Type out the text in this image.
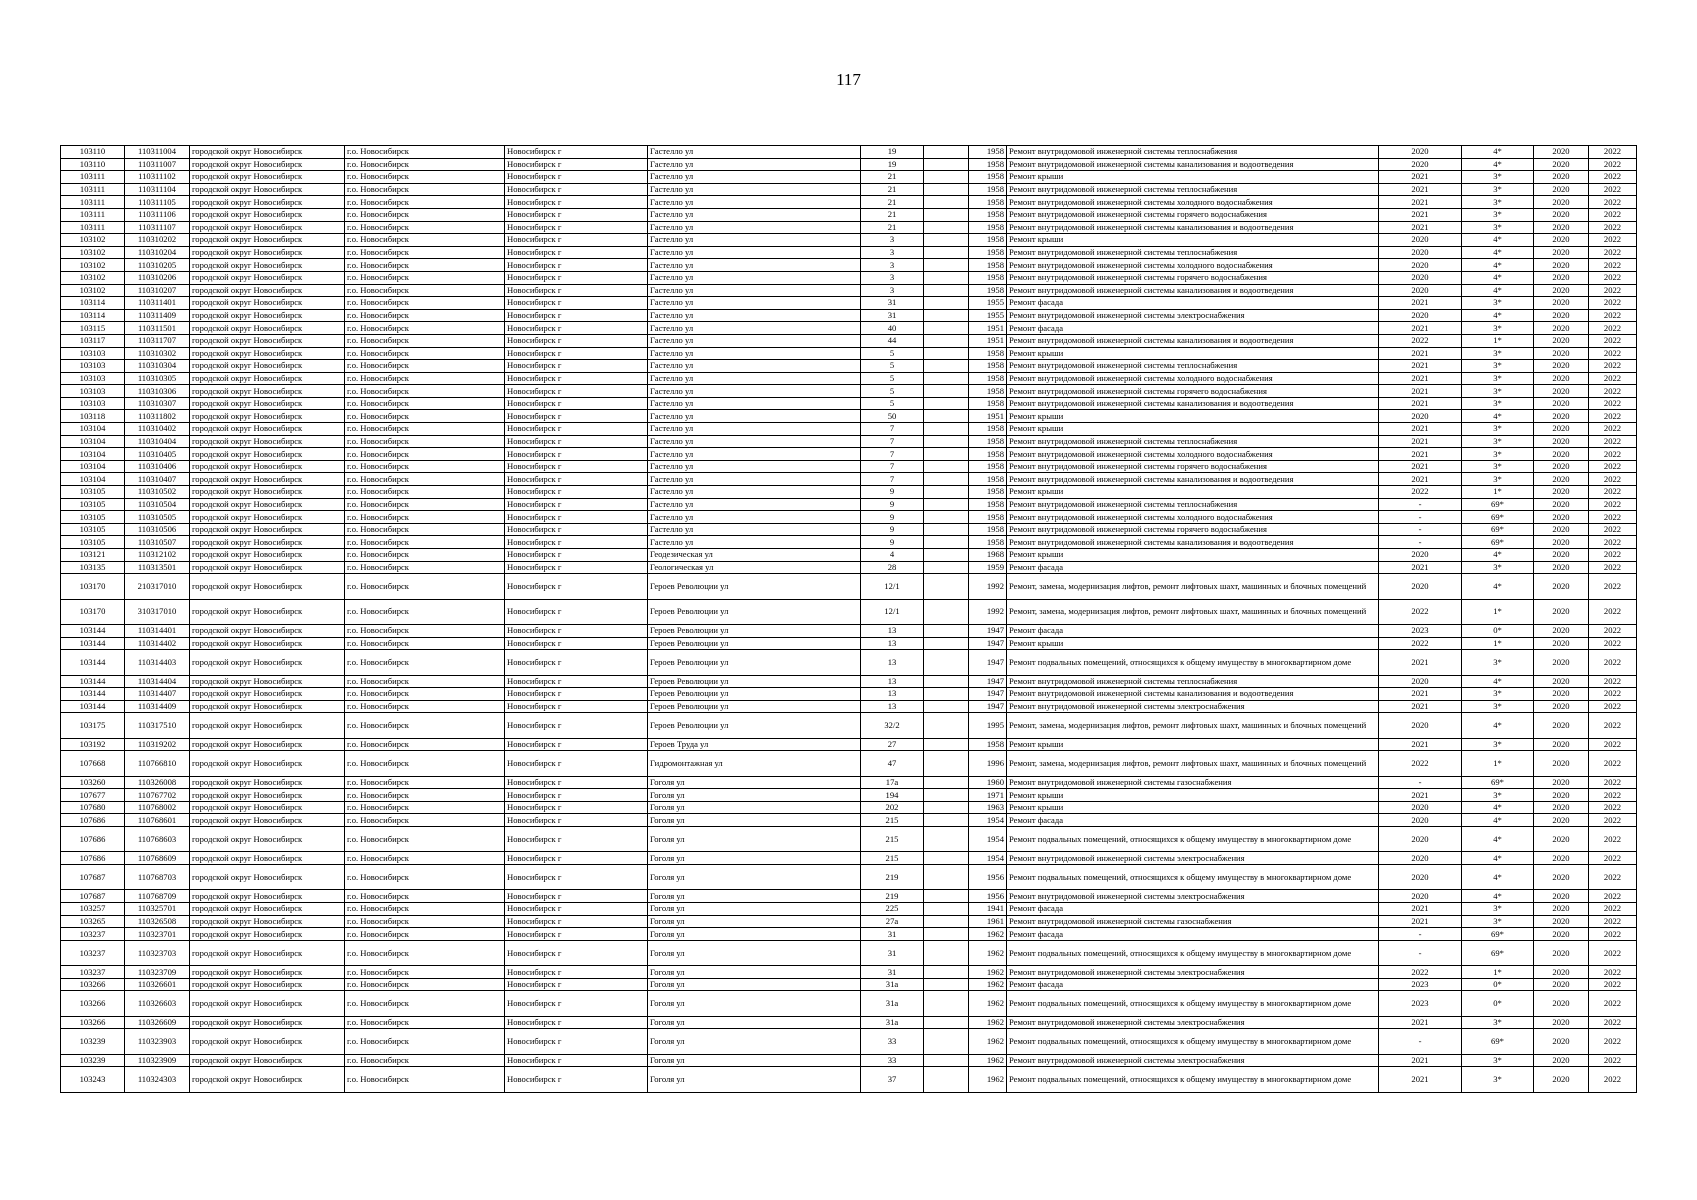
117
103110	110311004	городской округ Новосибирск	г.о. Новосибирск	Новосибирск г	Гастелло ул	19		1958	Ремонт внутридомовой инженерной системы теплоснабжения	2020	4*	2020	2022
103110	110311007	городской округ Новосибирск	г.о. Новосибирск	Новосибирск г	Гастелло ул	19		1958	Ремонт внутридомовой инженерной системы канализования и водоотведения	2020	4*	2020	2022
103111	110311102	городской округ Новосибирск	г.о. Новосибирск	Новосибирск г	Гастелло ул	21		1958	Ремонт крыши	2021	3*	2020	2022
103111	110311104	городской округ Новосибирск	г.о. Новосибирск	Новосибирск г	Гастелло ул	21		1958	Ремонт внутридомовой инженерной системы теплоснабжения	2021	3*	2020	2022
103111	110311105	городской округ Новосибирск	г.о. Новосибирск	Новосибирск г	Гастелло ул	21		1958	Ремонт внутридомовой инженерной системы холодного водоснабжения	2021	3*	2020	2022
103111	110311106	городской округ Новосибирск	г.о. Новосибирск	Новосибирск г	Гастелло ул	21		1958	Ремонт внутридомовой инженерной системы горячего водоснабжения	2021	3*	2020	2022
103111	110311107	городской округ Новосибирск	г.о. Новосибирск	Новосибирск г	Гастелло ул	21		1958	Ремонт внутридомовой инженерной системы канализования и водоотведения	2021	3*	2020	2022
103102	110310202	городской округ Новосибирск	г.о. Новосибирск	Новосибирск г	Гастелло ул	3		1958	Ремонт крыши	2020	4*	2020	2022
103102	110310204	городской округ Новосибирск	г.о. Новосибирск	Новосибирск г	Гастелло ул	3		1958	Ремонт внутридомовой инженерной системы теплоснабжения	2020	4*	2020	2022
103102	110310205	городской округ Новосибирск	г.о. Новосибирск	Новосибирск г	Гастелло ул	3		1958	Ремонт внутридомовой инженерной системы холодного водоснабжения	2020	4*	2020	2022
103102	110310206	городской округ Новосибирск	г.о. Новосибирск	Новосибирск г	Гастелло ул	3		1958	Ремонт внутридомовой инженерной системы горячего водоснабжения	2020	4*	2020	2022
103102	110310207	городской округ Новосибирск	г.о. Новосибирск	Новосибирск г	Гастелло ул	3		1958	Ремонт внутридомовой инженерной системы канализования и водоотведения	2020	4*	2020	2022
103114	110311401	городской округ Новосибирск	г.о. Новосибирск	Новосибирск г	Гастелло ул	31		1955	Ремонт фасада	2021	3*	2020	2022
103114	110311409	городской округ Новосибирск	г.о. Новосибирск	Новосибирск г	Гастелло ул	31		1955	Ремонт внутридомовой инженерной системы электроснабжения	2020	4*	2020	2022
103115	110311501	городской округ Новосибирск	г.о. Новосибирск	Новосибирск г	Гастелло ул	40		1951	Ремонт фасада	2021	3*	2020	2022
103117	110311707	городской округ Новосибирск	г.о. Новосибирск	Новосибирск г	Гастелло ул	44		1951	Ремонт внутридомовой инженерной системы канализования и водоотведения	2022	1*	2020	2022
103103	110310302	городской округ Новосибирск	г.о. Новосибирск	Новосибирск г	Гастелло ул	5		1958	Ремонт крыши	2021	3*	2020	2022
103103	110310304	городской округ Новосибирск	г.о. Новосибирск	Новосибирск г	Гастелло ул	5		1958	Ремонт внутридомовой инженерной системы теплоснабжения	2021	3*	2020	2022
103103	110310305	городской округ Новосибирск	г.о. Новосибирск	Новосибирск г	Гастелло ул	5		1958	Ремонт внутридомовой инженерной системы холодного водоснабжения	2021	3*	2020	2022
103103	110310306	городской округ Новосибирск	г.о. Новосибирск	Новосибирск г	Гастелло ул	5		1958	Ремонт внутридомовой инженерной системы горячего водоснабжения	2021	3*	2020	2022
103103	110310307	городской округ Новосибирск	г.о. Новосибирск	Новосибирск г	Гастелло ул	5		1958	Ремонт внутридомовой инженерной системы канализования и водоотведения	2021	3*	2020	2022
103118	110311802	городской округ Новосибирск	г.о. Новосибирск	Новосибирск г	Гастелло ул	50		1951	Ремонт крыши	2020	4*	2020	2022
103104	110310402	городской округ Новосибирск	г.о. Новосибирск	Новосибирск г	Гастелло ул	7		1958	Ремонт крыши	2021	3*	2020	2022
103104	110310404	городской округ Новосибирск	г.о. Новосибирск	Новосибирск г	Гастелло ул	7		1958	Ремонт внутридомовой инженерной системы теплоснабжения	2021	3*	2020	2022
103104	110310405	городской округ Новосибирск	г.о. Новосибирск	Новосибирск г	Гастелло ул	7		1958	Ремонт внутридомовой инженерной системы холодного водоснабжения	2021	3*	2020	2022
103104	110310406	городской округ Новосибирск	г.о. Новосибирск	Новосибирск г	Гастелло ул	7		1958	Ремонт внутридомовой инженерной системы горячего водоснабжения	2021	3*	2020	2022
103104	110310407	городской округ Новосибирск	г.о. Новосибирск	Новосибирск г	Гастелло ул	7		1958	Ремонт внутридомовой инженерной системы канализования и водоотведения	2021	3*	2020	2022
103105	110310502	городской округ Новосибирск	г.о. Новосибирск	Новосибирск г	Гастелло ул	9		1958	Ремонт крыши	2022	1*	2020	2022
103105	110310504	городской округ Новосибирск	г.о. Новосибирск	Новосибирск г	Гастелло ул	9		1958	Ремонт внутридомовой инженерной системы теплоснабжения	-	69*	2020	2022
103105	110310505	городской округ Новосибирск	г.о. Новосибирск	Новосибирск г	Гастелло ул	9		1958	Ремонт внутридомовой инженерной системы холодного водоснабжения	-	69*	2020	2022
103105	110310506	городской округ Новосибирск	г.о. Новосибирск	Новосибирск г	Гастелло ул	9		1958	Ремонт внутридомовой инженерной системы горячего водоснабжения	-	69*	2020	2022
103105	110310507	городской округ Новосибирск	г.о. Новосибирск	Новосибирск г	Гастелло ул	9		1958	Ремонт внутридомовой инженерной системы канализования и водоотведения	-	69*	2020	2022
103121	110312102	городской округ Новосибирск	г.о. Новосибирск	Новосибирск г	Геодезическая ул	4		1968	Ремонт крыши	2020	4*	2020	2022
103135	110313501	городской округ Новосибирск	г.о. Новосибирск	Новосибирск г	Геологическая ул	28		1959	Ремонт фасада	2021	3*	2020	2022
103170	210317010	городской округ Новосибирск	г.о. Новосибирск	Новосибирск г	Героев Революции ул	12/1		1992	Ремонт, замена, модернизация лифтов, ремонт лифтовых шахт, машинных и блочных помещений	2020	4*	2020	2022
103170	310317010	городской округ Новосибирск	г.о. Новосибирск	Новосибирск г	Героев Революции ул	12/1		1992	Ремонт, замена, модернизация лифтов, ремонт лифтовых шахт, машинных и блочных помещений	2022	1*	2020	2022
103144	110314401	городской округ Новосибирск	г.о. Новосибирск	Новосибирск г	Героев Революции ул	13		1947	Ремонт фасада	2023	0*	2020	2022
103144	110314402	городской округ Новосибирск	г.о. Новосибирск	Новосибирск г	Героев Революции ул	13		1947	Ремонт крыши	2022	1*	2020	2022
103144	110314403	городской округ Новосибирск	г.о. Новосибирск	Новосибирск г	Героев Революции ул	13		1947	Ремонт подвальных помещений, относящихся к общему имуществу в многоквартирном доме	2021	3*	2020	2022
103144	110314404	городской округ Новосибирск	г.о. Новосибирск	Новосибирск г	Героев Революции ул	13		1947	Ремонт внутридомовой инженерной системы теплоснабжения	2020	4*	2020	2022
103144	110314407	городской округ Новосибирск	г.о. Новосибирск	Новосибирск г	Героев Революции ул	13		1947	Ремонт внутридомовой инженерной системы канализования и водоотведения	2021	3*	2020	2022
103144	110314409	городской округ Новосибирск	г.о. Новосибирск	Новосибирск г	Героев Революции ул	13		1947	Ремонт внутридомовой инженерной системы электроснабжения	2021	3*	2020	2022
103175	110317510	городской округ Новосибирск	г.о. Новосибирск	Новосибирск г	Героев Революции ул	32/2		1995	Ремонт, замена, модернизация лифтов, ремонт лифтовых шахт, машинных и блочных помещений	2020	4*	2020	2022
103192	110319202	городской округ Новосибирск	г.о. Новосибирск	Новосибирск г	Героев Труда ул	27		1958	Ремонт крыши	2021	3*	2020	2022
107668	110766810	городской округ Новосибирск	г.о. Новосибирск	Новосибирск г	Гидромонтажная ул	47		1996	Ремонт, замена, модернизация лифтов, ремонт лифтовых шахт, машинных и блочных помещений	2022	1*	2020	2022
103260	110326008	городской округ Новосибирск	г.о. Новосибирск	Новосибирск г	Гоголя ул	17а		1960	Ремонт внутридомовой инженерной системы газоснабжения	-	69*	2020	2022
107677	110767702	городской округ Новосибирск	г.о. Новосибирск	Новосибирск г	Гоголя ул	194		1971	Ремонт крыши	2021	3*	2020	2022
107680	110768002	городской округ Новосибирск	г.о. Новосибирск	Новосибирск г	Гоголя ул	202		1963	Ремонт крыши	2020	4*	2020	2022
107686	110768601	городской округ Новосибирск	г.о. Новосибирск	Новосибирск г	Гоголя ул	215		1954	Ремонт фасада	2020	4*	2020	2022
107686	110768603	городской округ Новосибирск	г.о. Новосибирск	Новосибирск г	Гоголя ул	215		1954	Ремонт подвальных помещений, относящихся к общему имуществу в многоквартирном доме	2020	4*	2020	2022
107686	110768609	городской округ Новосибирск	г.о. Новосибирск	Новосибирск г	Гоголя ул	215		1954	Ремонт внутридомовой инженерной системы электроснабжения	2020	4*	2020	2022
107687	110768703	городской округ Новосибирск	г.о. Новосибирск	Новосибирск г	Гоголя ул	219		1956	Ремонт подвальных помещений, относящихся к общему имуществу в многоквартирном доме	2020	4*	2020	2022
107687	110768709	городской округ Новосибирск	г.о. Новосибирск	Новосибирск г	Гоголя ул	219		1956	Ремонт внутридомовой инженерной системы электроснабжения	2020	4*	2020	2022
103257	110325701	городской округ Новосибирск	г.о. Новосибирск	Новосибирск г	Гоголя ул	225		1941	Ремонт фасада	2021	3*	2020	2022
103265	110326508	городской округ Новосибирск	г.о. Новосибирск	Новосибирск г	Гоголя ул	27а		1961	Ремонт внутридомовой инженерной системы газоснабжения	2021	3*	2020	2022
103237	110323701	городской округ Новосибирск	г.о. Новосибирск	Новосибирск г	Гоголя ул	31		1962	Ремонт фасада	-	69*	2020	2022
103237	110323703	городской округ Новосибирск	г.о. Новосибирск	Новосибирск г	Гоголя ул	31		1962	Ремонт подвальных помещений, относящихся к общему имуществу в многоквартирном доме	-	69*	2020	2022
103237	110323709	городской округ Новосибирск	г.о. Новосибирск	Новосибирск г	Гоголя ул	31		1962	Ремонт внутридомовой инженерной системы электроснабжения	2022	1*	2020	2022
103266	110326601	городской округ Новосибирск	г.о. Новосибирск	Новосибирск г	Гоголя ул	31а		1962	Ремонт фасада	2023	0*	2020	2022
103266	110326603	городской округ Новосибирск	г.о. Новосибирск	Новосибирск г	Гоголя ул	31а		1962	Ремонт подвальных помещений, относящихся к общему имуществу в многоквартирном доме	2023	0*	2020	2022
103266	110326609	городской округ Новосибирск	г.о. Новосибирск	Новосибирск г	Гоголя ул	31а		1962	Ремонт внутридомовой инженерной системы электроснабжения	2021	3*	2020	2022
103239	110323903	городской округ Новосибирск	г.о. Новосибирск	Новосибирск г	Гоголя ул	33		1962	Ремонт подвальных помещений, относящихся к общему имуществу в многоквартирном доме	-	69*	2020	2022
103239	110323909	городской округ Новосибирск	г.о. Новосибирск	Новосибирск г	Гоголя ул	33		1962	Ремонт внутридомовой инженерной системы электроснабжения	2021	3*	2020	2022
103243	110324303	городской округ Новосибирск	г.о. Новосибирск	Новосибирск г	Гоголя ул	37		1962	Ремонт подвальных помещений, относящихся к общему имуществу в многоквартирном доме	2021	3*	2020	2022
